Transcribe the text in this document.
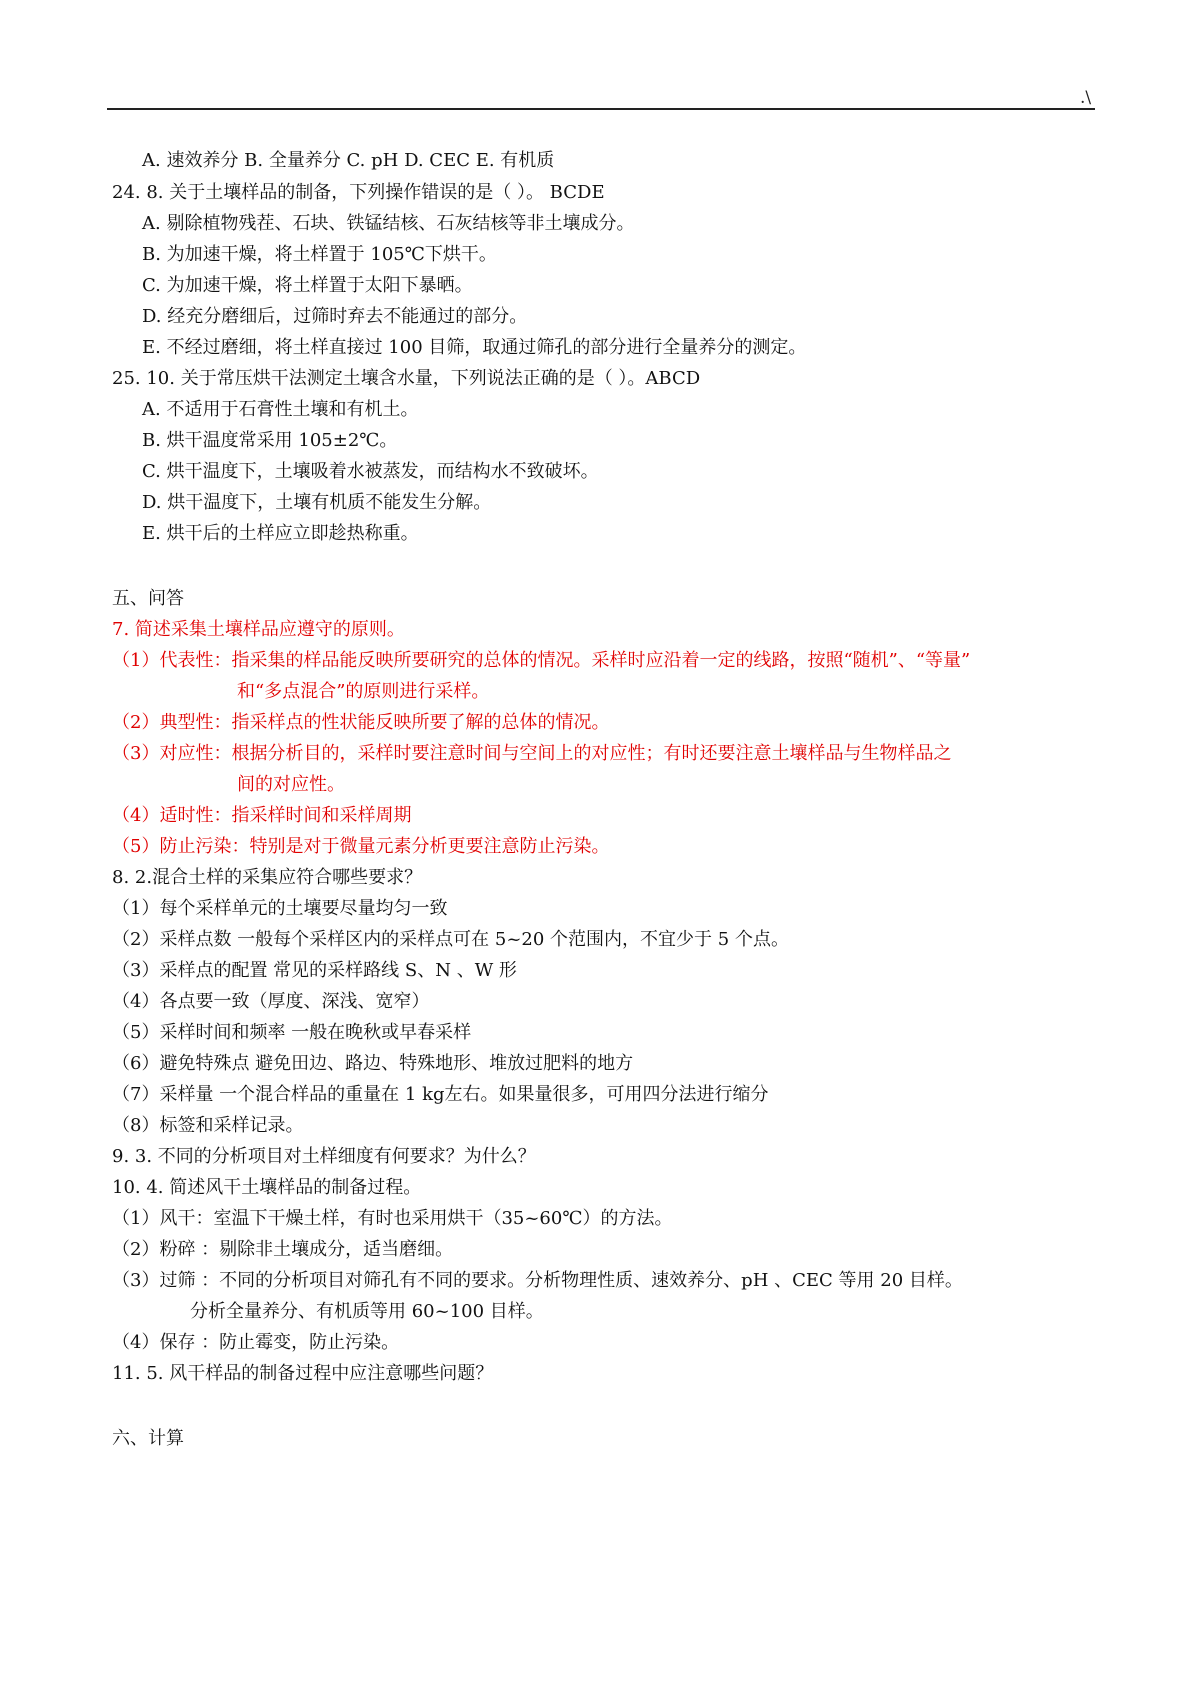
.\
A. 速效养分 B. 全量养分 C. pH D. CEC E. 有机质
24. 8. 关于土壤样品的制备，下列操作错误的是（ ）。 BCDE
A. 剔除植物残茬、石块、铁锰结核、石灰结核等非土壤成分。
B. 为加速干燥，将土样置于 105℃下烘干。
C. 为加速干燥，将土样置于太阳下暴晒。
D. 经充分磨细后，过筛时弃去不能通过的部分。
E. 不经过磨细，将土样直接过 100 目筛，取通过筛孔的部分进行全量养分的测定。
25. 10. 关于常压烘干法测定土壤含水量，下列说法正确的是（ ）。ABCD
A. 不适用于石膏性土壤和有机土。
B. 烘干温度常采用 105±2℃。
C. 烘干温度下，土壤吸着水被蒸发，而结构水不致破坏。
D. 烘干温度下，土壤有机质不能发生分解。
E. 烘干后的土样应立即趁热称重。
五、问答
7. 简述采集土壤样品应遵守的原则。
（1）代表性：指采集的样品能反映所要研究的总体的情况。采样时应沿着一定的线路，按照“随机”、“等量”
和“多点混合”的原则进行采样。
（2）典型性：指采样点的性状能反映所要了解的总体的情况。
（3）对应性：根据分析目的，采样时要注意时间与空间上的对应性；有时还要注意土壤样品与生物样品之
间的对应性。
（4）适时性：指采样时间和采样周期
（5）防止污染：特别是对于微量元素分析更要注意防止污染。
8. 2.混合土样的采集应符合哪些要求？
（1）每个采样单元的土壤要尽量均匀一致
（2）采样点数 一般每个采样区内的采样点可在 5~20 个范围内，不宜少于 5 个点。
（3）采样点的配置 常见的采样路线 S、N 、W 形
（4）各点要一致（厚度、深浅、宽窄）
（5）采样时间和频率 一般在晚秋或早春采样
（6）避免特殊点 避免田边、路边、特殊地形、堆放过肥料的地方
（7）采样量 一个混合样品的重量在 1 kg左右。如果量很多，可用四分法进行缩分
（8）标签和采样记录。
9. 3. 不同的分析项目对土样细度有何要求？为什么？
10. 4. 简述风干土壤样品的制备过程。
（1）风干：室温下干燥土样，有时也采用烘干（35~60℃）的方法。
（2）粉碎 ：剔除非土壤成分，适当磨细。
（3）过筛 ：不同的分析项目对筛孔有不同的要求。分析物理性质、速效养分、pH 、CEC 等用 20 目样。
分析全量养分、有机质等用 60~100 目样。
（4）保存 ：防止霉变，防止污染。
11. 5. 风干样品的制备过程中应注意哪些问题？
六、计算
